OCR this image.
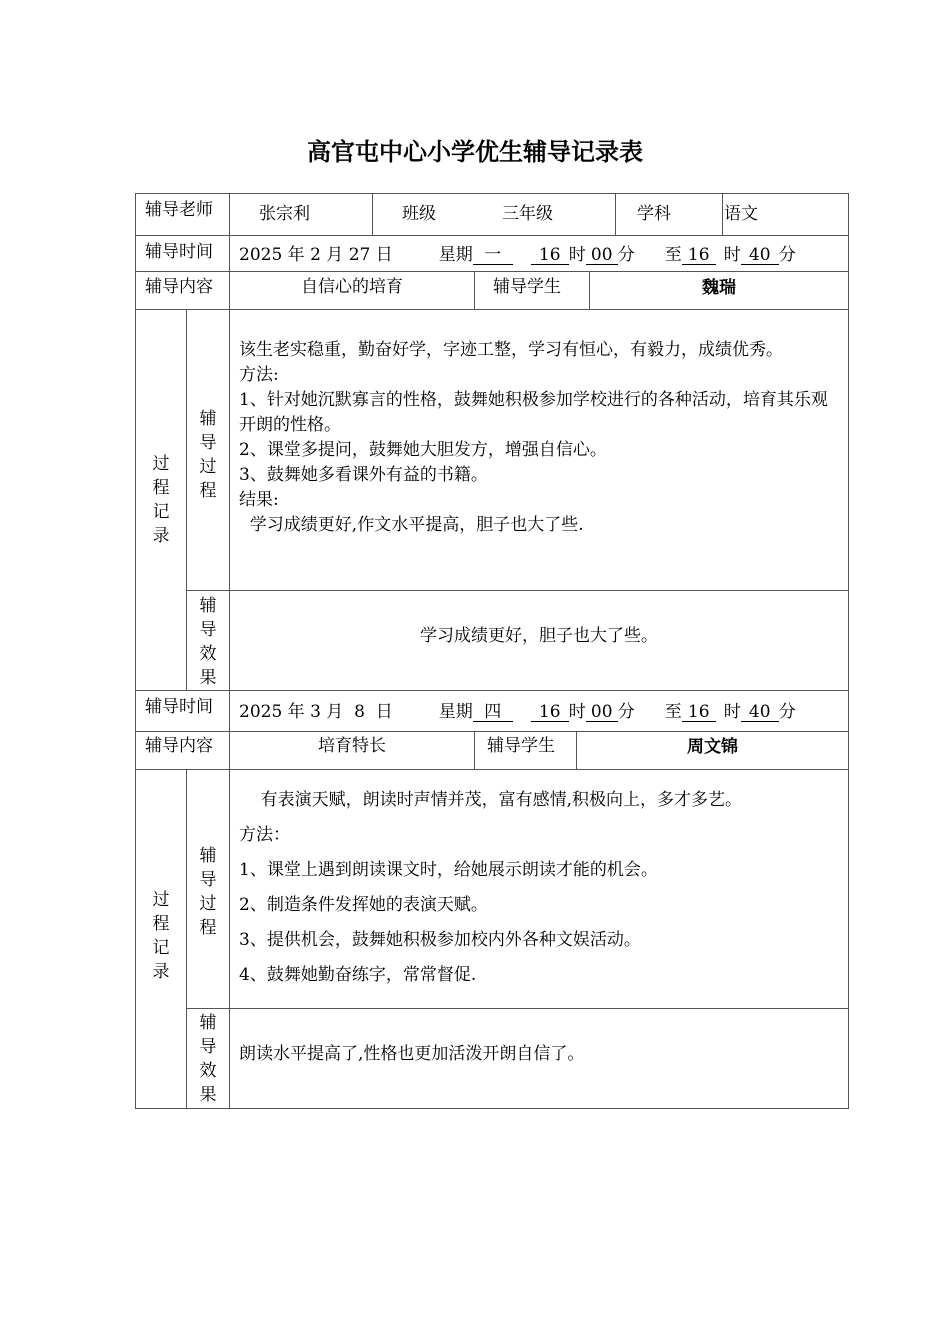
高官屯中心小学优生辅导记录表
辅导老师	张宗利	班级	三年级	学科	语文
辅导时间 2025 年 2 月 27 日	星期 一 16 时 00 分 至 16 时 40 分
辅导内容	自信心的培育	辅导学生	魏瑞
过程记录
辅导过程

该生老实稳重，勤奋好学，字迹工整，学习有恒心，有毅力，成绩优秀。

方法:

1、针对她沉默寡言的性格，鼓舞她积极参加学校进行的各种活动，培育其乐观开朗的性格。

2、课堂多提问，鼓舞她大胆发方，增强自信心。

3、鼓舞她多看课外有益的书籍。

结果:

学习成绩更好,作文水平提高，胆子也大了些.

辅导效果
学习成绩更好，胆子也大了些。
辅导时间 2025 年 3 月  8  日	星期 四 16 时 00 分 至 16 时 40 分
辅导内容	培育特长	辅导学生	周文锦
过程记录
辅导过程

有表演天赋，朗读时声情并茂，富有感情,积极向上，多才多艺。

方法：

1、课堂上遇到朗读课文时，给她展示朗读才能的机会。

2、制造条件发挥她的表演天赋。

3、提供机会，鼓舞她积极参加校内外各种文娱活动。

4、鼓舞她勤奋练字，常常督促.

辅导效果
朗读水平提高了,性格也更加活泼开朗自信了。
